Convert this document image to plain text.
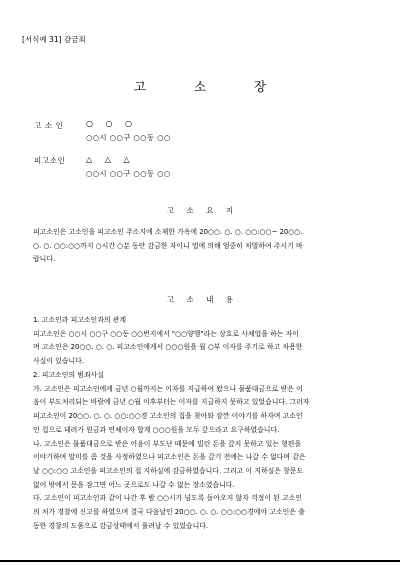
[서식예 31] 감금죄
고 소 장
고 소 인	○ ○ ○
○○시 ○○구 ○○동 ○○
피고소인	△ △ △
○○시 ○○구 ○○동 ○○
고 소 요 지
피고소인은 고소인을 피고소인 주소지에 소재한 가옥에 20○○. ○. ○. ○○:○○~ 20○○.
○. ○. ○○:○○까지 ○시간 ○분 동안 감금한 자이니 법에 의해 엄중히 처벌하여 주시기 바
랍니다.
고 소 내 용
1. 고소인과 피고소인과의 관계
피고소인은 ○○시 ○○구 ○○동 ○○번지에서 "○○양행"라는 상호로 사채업을 하는 자이
며 고소인은 20○○. ○. ○. 피고소인에게서 ○○○원을 월 ○부 이자를 주기로 하고 차용한
사실이 있습니다.
2. 피고소인의 범죄사실
가. 고소인은 피고소인에게 금년 ○월까지는 이자를 지급하여 왔으나 물품대금으로 받은 어
음이 부도처리되는 바람에 금년 ○월 이후부터는 이자를 지급하지 못하고 있었습니다. 그러자
피고소인이 20○○. ○. ○. ○○:○○경 고소인의 집을 찾아와 잠깐 이야기를 하자며 고소인
인 집으로 데려가 원금과 연체이자 합계 ○○○원을 모두 갚으라고 요구하였습니다.
나. 고소인은 물품대금으로 받은 어음이 부도난 때문에 빌린 돈을 갚지 못하고 있는 형편을
이야기하며 말미를 좀 것을 사정하였으나 피고소인은 돈을 갚기 전에는 나갈 수 없다며 같은
날 ○○:○○ 고소인을 피고소인의 집 지하실에 감금하였습니다. 그리고 이 지하실은 창문도
없어 밖에서 문을 잠그면 어느 곳으로도 나갈 수 없는 장소였습니다.
다. 고소인이 피고소인과 같이 나간 후 밤 ○○시가 넘도록 돌아오지 않자 걱정이 된 고소인
의 처가 경찰에 신고를 하였으며 결국 다음날인 20○○. ○. ○. ○○:○○경에야 고소인은 출
동한 경찰의 도움으로 감금상태에서 풀려날 수 있었습니다.
